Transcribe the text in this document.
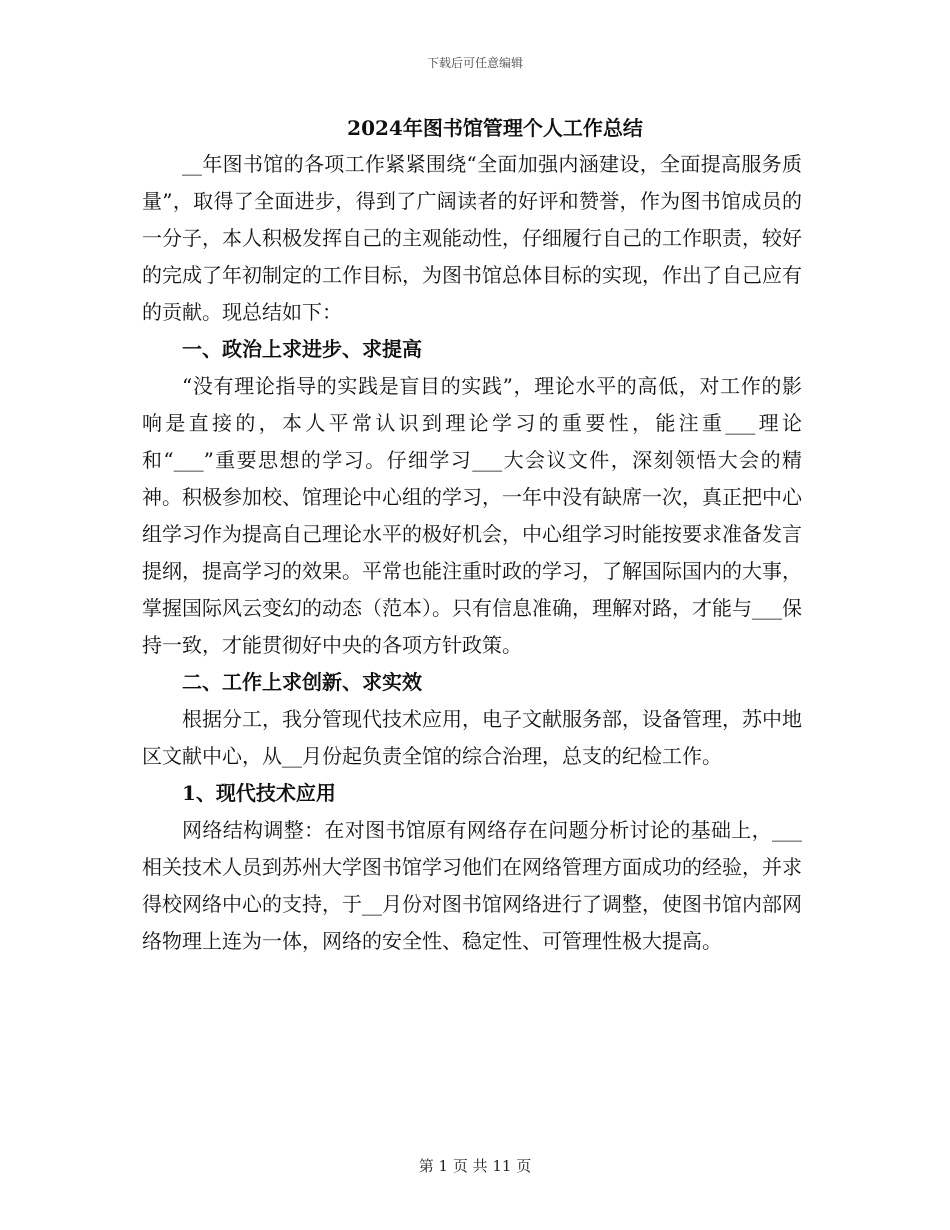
下载后可任意编辑
2024年图书馆管理个人工作总结

__年图书馆的各项工作紧紧围绕“全面加强内涵建设，全面提高服务质量”，取得了全面进步，得到了广阔读者的好评和赞誉，作为图书馆成员的一分子，本人积极发挥自己的主观能动性，仔细履行自己的工作职责，较好的完成了年初制定的工作目标，为图书馆总体目标的实现，作出了自己应有的贡献。现总结如下：

一、政治上求进步、求提高

“没有理论指导的实践是盲目的实践”，理论水平的高低，对工作的影响是直接的，本人平常认识到理论学习的重要性，能注重___理论和“___”重要思想的学习。仔细学习___大会议文件，深刻领悟大会的精神。积极参加校、馆理论中心组的学习，一年中没有缺席一次，真正把中心组学习作为提高自己理论水平的极好机会，中心组学习时能按要求准备发言提纲，提高学习的效果。平常也能注重时政的学习，了解国际国内的大事，掌握国际风云变幻的动态（范本）。只有信息准确，理解对路，才能与___保持一致，才能贯彻好中央的各项方针政策。

二、工作上求创新、求实效

根据分工，我分管现代技术应用，电子文献服务部，设备管理，苏中地区文献中心，从__月份起负责全馆的综合治理，总支的纪检工作。

1、现代技术应用

网络结构调整：在对图书馆原有网络存在问题分析讨论的基础上，___相关技术人员到苏州大学图书馆学习他们在网络管理方面成功的经验，并求得校网络中心的支持，于__月份对图书馆网络进行了调整，使图书馆内部网络物理上连为一体，网络的安全性、稳定性、可管理性极大提高。

第 1 页 共 11 页
